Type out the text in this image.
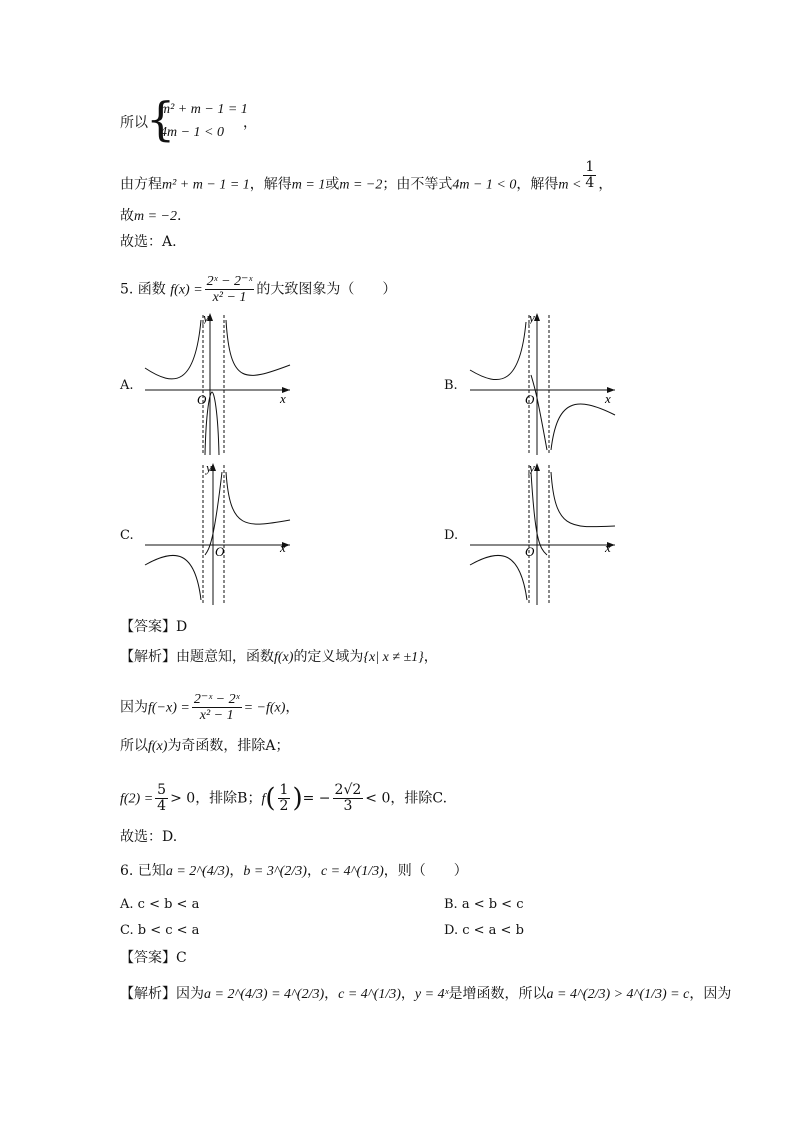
所以
{
m² + m − 1 = 1
4m − 1 < 0
，
由方程m² + m − 1 = 1，解得m = 1或m = −2；由不等式4m − 1 < 0，解得$m < \frac{1}{4}$ ，
故m = −2.
故选：A.
5. 函数 $f(x) = \frac{\text{2ˣ − 2⁻ˣ}}{\text{x² − 1}}$ 的大致图象为（　　）
A.	B.
C.	D.
x
y
O	x
y
O
x
y
O	x
y
O
【答案】D
【解析】由题意知，函数f(x)的定义域为{x| x ≠ ±1}，
因为$f(-x) = \frac{\text{2⁻ˣ − 2ˣ}}{\text{x² − 1}} = -f(x)$，
所以f(x)为奇函数，排除A；
$f(2) = \frac{5}{4} > 0$，排除B；$f( \frac{1}{2}$ )= − $\frac{2√2}{3} < 0$，排除C.
故选：D.
6. 已知a = 2^(4/3)，b = 3^(2/3)，c = 4^(1/3)，则（　　）
A. c < b < a	B. a < b < c
C. b < c < a	D. c < a < b
【答案】C
【解析】因为a = 2^(4/3) = 4^(2/3)，c = 4^(1/3)，y = 4ˣ是增函数，所以a = 4^(2/3) > 4^(1/3) = c，因为
